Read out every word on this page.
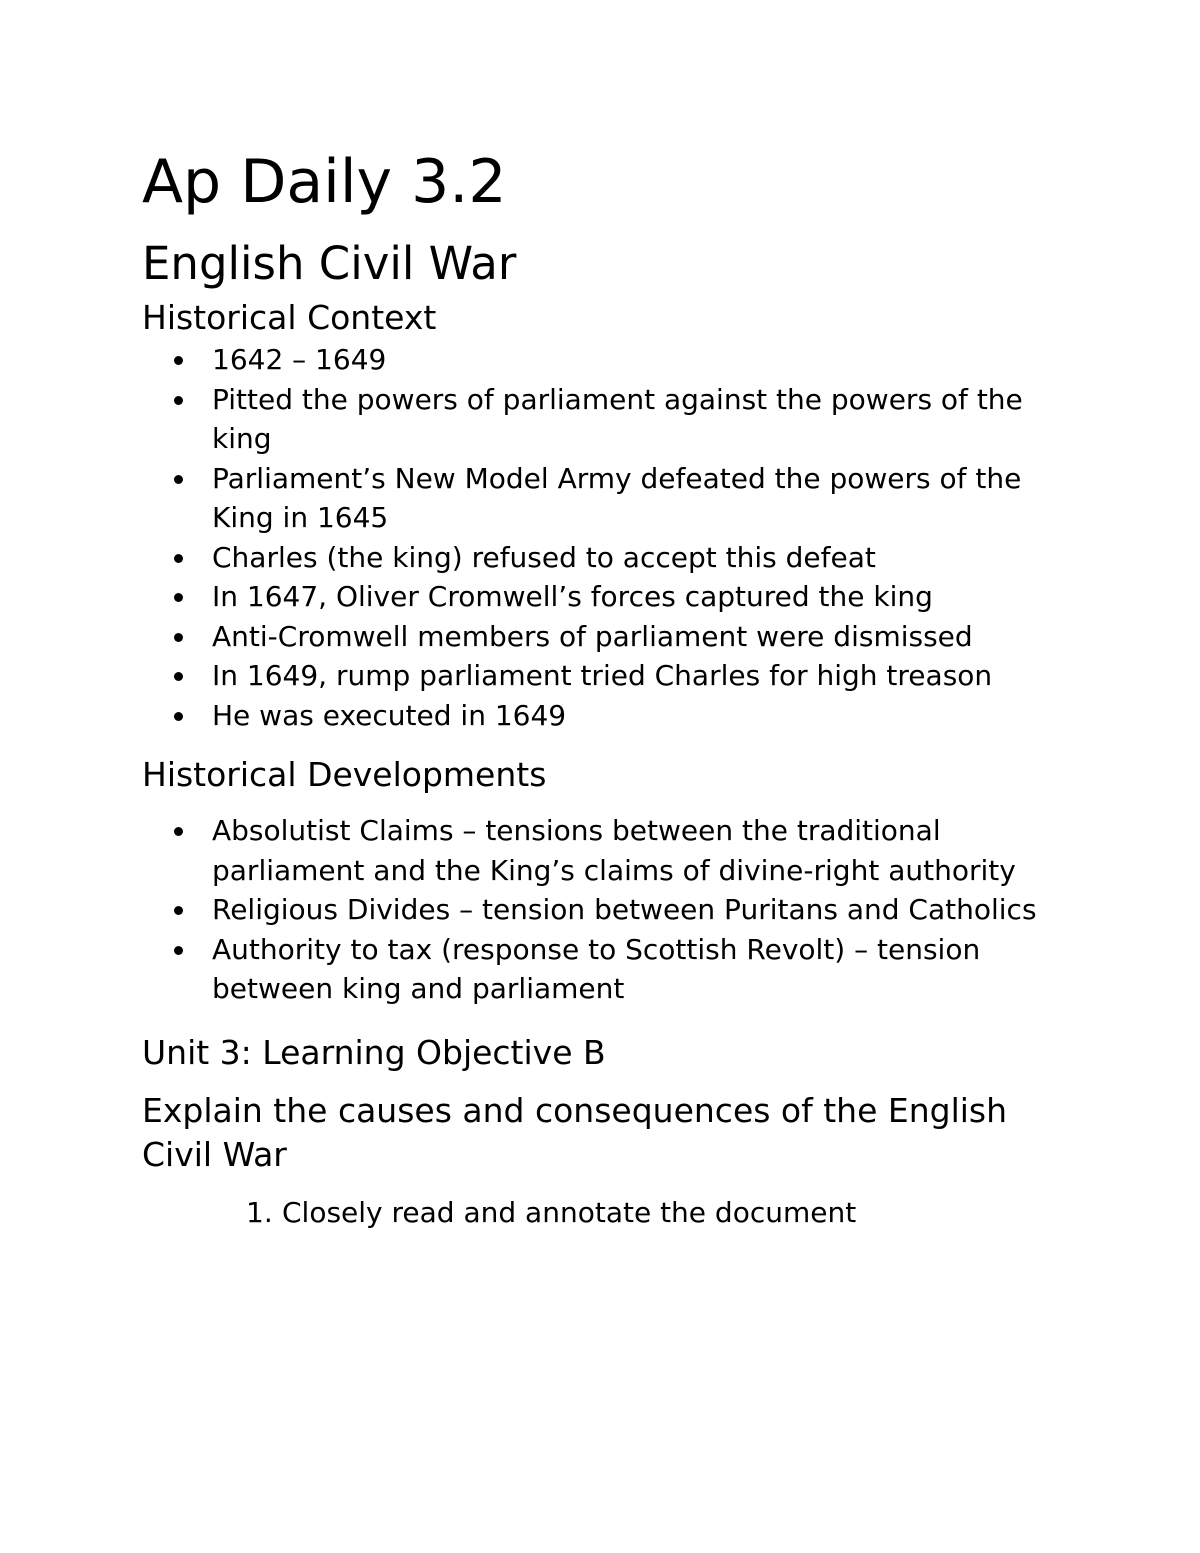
Ap Daily 3.2
English Civil War
Historical Context
1642 – 1649
Pitted the powers of parliament against the powers of the king
Parliament’s New Model Army defeated the powers of the King in 1645
Charles (the king) refused to accept this defeat
In 1647, Oliver Cromwell’s forces captured the king
Anti-Cromwell members of parliament were dismissed
In 1649, rump parliament tried Charles for high treason
He was executed in 1649
Historical Developments
Absolutist Claims – tensions between the traditional parliament and the King’s claims of divine-right authority
Religious Divides – tension between Puritans and Catholics
Authority to tax (response to Scottish Revolt) – tension between king and parliament
Unit 3: Learning Objective B
Explain the causes and consequences of the English Civil War
1. Closely read and annotate the document
